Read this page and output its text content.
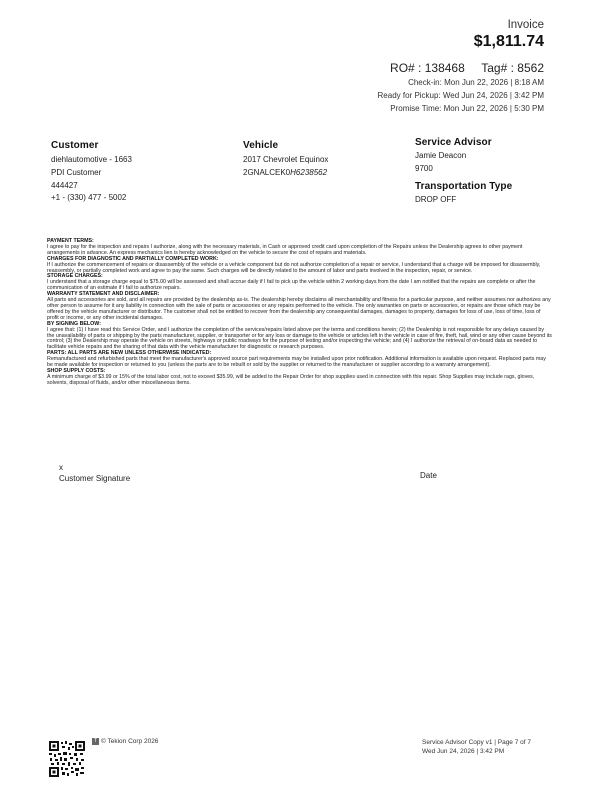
Invoice
$1,811.74
RO# : 138468 Tag# : 8562
Check-in: Mon Jun 22, 2026 | 8:18 AM
Ready for Pickup: Wed Jun 24, 2026 | 3:42 PM
Promise Time: Mon Jun 22, 2026 | 5:30 PM
Customer
diehlautomotive - 1663
PDI Customer
444427
+1 - (330) 477 - 5002
Vehicle
2017 Chevrolet Equinox
2GNALCEK0H6238562
Service Advisor
Jamie Deacon
9700
Transportation Type
DROP OFF
PAYMENT TERMS:
I agree to pay for the inspection and repairs I authorize, along with the necessary materials, in Cash or approved credit card upon completion of the Repairs unless the Dealership agrees to other payment arrangements in advance. An express mechanics lien is hereby acknowledged on the vehicle to secure the cost of repairs and materials.
CHARGES FOR DIAGNOSTIC AND PARTIALLY COMPLETED WORK:
If I authorize the commencement of repairs or disassembly of the vehicle or a vehicle component but do not authorize completion of a repair or service, I understand that a charge will be imposed for disassembly, reassembly, or partially completed work and agree to pay the same. Such charges will be directly related to the amount of labor and parts involved in the inspection, repair, or service.
STORAGE CHARGES:
I understand that a storage charge equal to $75.00 will be assessed and shall accrue daily if I fail to pick up the vehicle within 2 working days from the date I am notified that the repairs are complete or after the communication of an estimate if I fail to authorize repairs.
WARRANTY STATEMENT AND DISCLAIMER:
All parts and accessories are sold, and all repairs are provided by the dealership as-is. The dealership hereby disclaims all merchantability and fitness for a particular purpose, and neither assumes nor authorizes any other person to assume for it any liability in connection with the sale of parts or accessories or any repairs performed to the vehicle. The only warranties on parts or accessories, or repairs are those which may be offered by the vehicle manufacturer or distributor. The customer shall not be entitled to recover from the dealership any consequential damages, damages to property, damages for loss of use, loss of time, loss of profit or income, or any other incidental damages.
BY SIGNING BELOW:
I agree that: (1) I have read this Service Order, and I authorize the completion of the services/repairs listed above per the terms and conditions herein; (2) the Dealership is not responsible for any delays caused by the unavailability of parts or shipping by the parts manufacturer, supplier, or transporter or for any loss or damage to the vehicle or articles left in the vehicle in case of fire, theft, hail, wind or any other cause beyond its control; (3) the Dealership may operate the vehicle on streets, highways or public roadways for the purpose of testing and/or inspecting the vehicle; and (4) I authorize the retrieval of on-board data as needed to facilitate vehicle repairs and the sharing of that data with the vehicle manufacturer for diagnostic or research purposes.
PARTS: ALL PARTS ARE NEW UNLESS OTHERWISE INDICATED:
Remanufactured and refurbished parts that meet the manufacturer's approved source part requirements may be installed upon prior notification. Additional information is available upon request. Replaced parts may be made available for inspection or returned to you (unless the parts are to be rebuilt or sold by the supplier or returned to the manufacturer or supplier according to a warranty arrangement).
SHOP SUPPLY COSTS:
A minimum charge of $3.99 or 15% of the total labor cost, not to exceed $35.99, will be added to the Repair Order for shop supplies used in connection with this repair. Shop Supplies may include rags, gloves, solvents, disposal of fluids, and/or other miscellaneous items.
x
Customer Signature	Date
T © Tekion Corp 2026	Service Advisor Copy v1 | Page 7 of 7
Wed Jun 24, 2026 | 3:42 PM
